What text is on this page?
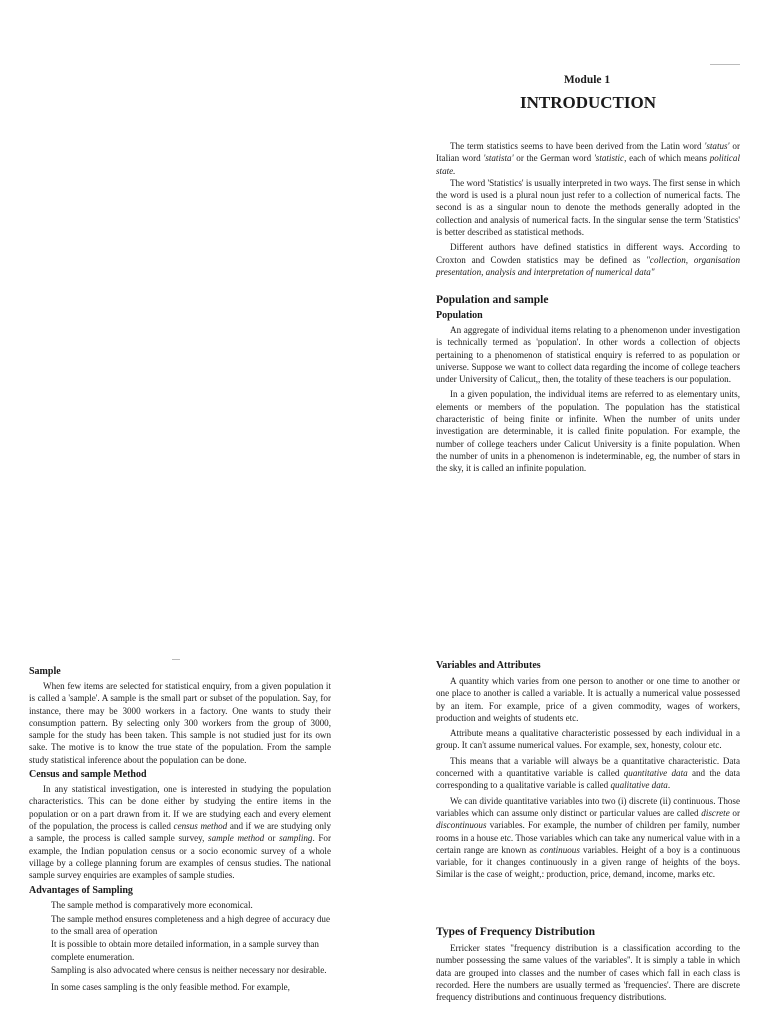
Module 1
INTRODUCTION

The term statistics seems to have been derived from the Latin word 'status' or Italian word 'statista' or the German word 'statistic, each of which means political state.

The word 'Statistics' is usually interpreted in two ways. The first sense in which the word is used is a plural noun just refer to a collection of numerical facts. The second is as a singular noun to denote the methods generally adopted in the collection and analysis of numerical facts. In the singular sense the term 'Statistics' is better described as statistical methods.

Different authors have defined statistics in different ways. According to Croxton and Cowden statistics may be defined as "collection, organisation presentation, analysis and interpretation of numerical data"

Population and sample
Population

An aggregate of individual items relating to a phenomenon under investigation is technically termed as 'population'. In other words a collection of objects pertaining to a phenomenon of statistical enquiry is referred to as population or universe. Suppose we want to collect data regarding the income of college teachers under University of Calicut,, then, the totality of these teachers is our population.

In a given population, the individual items are referred to as elementary units, elements or members of the population. The population has the statistical characteristic of being finite or infinite. When the number of units under investigation are determinable, it is called finite population. For example, the number of college teachers under Calicut University is a finite population. When the number of units in a phenomenon is indeterminable, eg, the number of stars in the sky, it is called an infinite population.

Sample

When few items are selected for statistical enquiry, from a given population it is called a 'sample'. A sample is the small part or subset of the population. Say, for instance, there may be 3000 workers in a factory. One wants to study their consumption pattern. By selecting only 300 workers from the group of 3000, sample for the study has been taken. This sample is not studied just for its own sake. The motive is to know the true state of the population. From the sample study statistical inference about the population can be done.

Census and sample Method

In any statistical investigation, one is interested in studying the population characteristics. This can be done either by studying the entire items in the population or on a part drawn from it. If we are studying each and every element of the population, the process is called census method and if we are studying only a sample, the process is called sample survey, sample method or sampling. For example, the Indian population census or a socio economic survey of a whole village by a college planning forum are examples of census studies. The national sample survey enquiries are examples of sample studies.

Advantages of Sampling
The sample method is comparatively more economical.
The sample method ensures completeness and a high degree of accuracy due to the small area of operation
It is possible to obtain more detailed information, in a sample survey than complete enumeration.
Sampling is also advocated where census is neither necessary nor desirable.
In some cases sampling is the only feasible method. For example,
Variables and Attributes

A quantity which varies from one person to another or one time to another or one place to another is called a variable. It is actually a numerical value possessed by an item. For example, price of a given commodity, wages of workers, production and weights of students etc.

Attribute means a qualitative characteristic possessed by each individual in a group. It can't assume numerical values. For example, sex, honesty, colour etc.

This means that a variable will always be a quantitative characteristic. Data concerned with a quantitative variable is called quantitative data and the data corresponding to a qualitative variable is called qualitative data.

We can divide quantitative variables into two (i) discrete (ii) continuous. Those variables which can assume only distinct or particular values are called discrete or discontinuous variables. For example, the number of children per family, number rooms in a house etc. Those variables which can take any numerical value with in a certain range are known as continuous variables. Height of a boy is a continuous variable, for it changes continuously in a given range of heights of the boys. Similar is the case of weight,: production, price, demand, income, marks etc.

Types of Frequency Distribution

Erricker states "frequency distribution is a classification according to the number possessing the same values of the variables''. It is simply a table in which data are grouped into classes and the number of cases which fall in each class is recorded. Here the numbers are usually termed as 'frequencies'. There are discrete frequency distributions and continuous frequency distributions.
